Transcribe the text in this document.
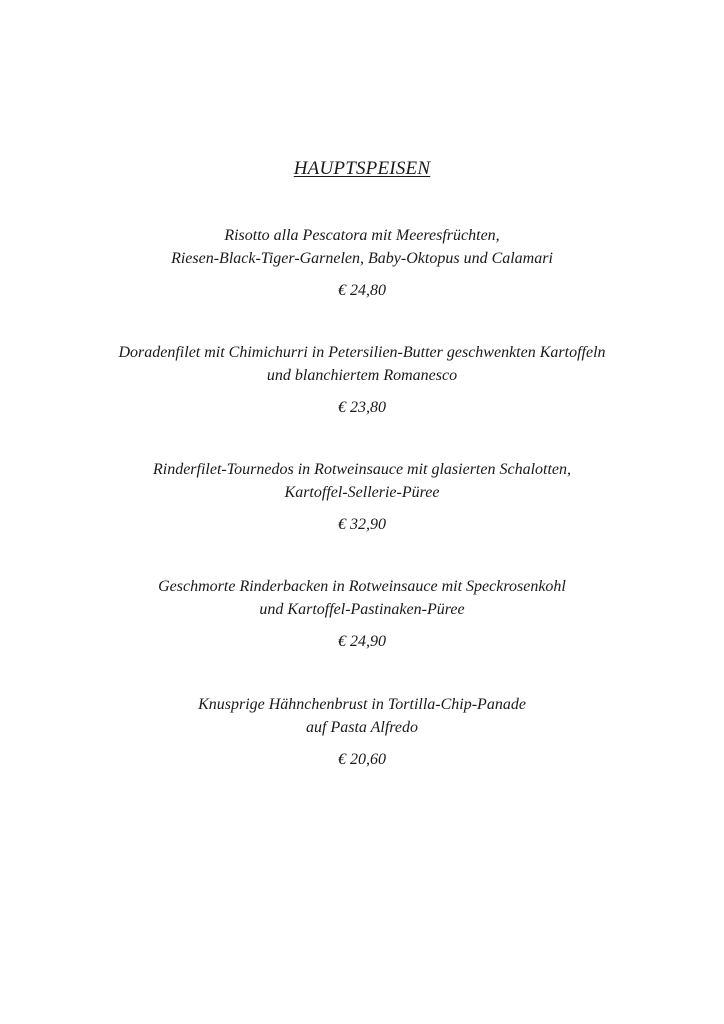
HAUPTSPEISEN
Risotto alla Pescatora mit Meeresfrüchten,
Riesen-Black-Tiger-Garnelen, Baby-Oktopus und Calamari
€ 24,80
Doradenfilet mit Chimichurri in Petersilien-Butter geschwenkten Kartoffeln
und blanchiertem Romanesco
€ 23,80
Rinderfilet-Tournedos in Rotweinsauce mit glasierten Schalotten,
Kartoffel-Sellerie-Püree
€ 32,90
Geschmorte Rinderbacken in Rotweinsauce mit Speckrosenkohl
und Kartoffel-Pastinaken-Püree
€ 24,90
Knusprige Hähnchenbrust in Tortilla-Chip-Panade
auf Pasta Alfredo
€ 20,60
